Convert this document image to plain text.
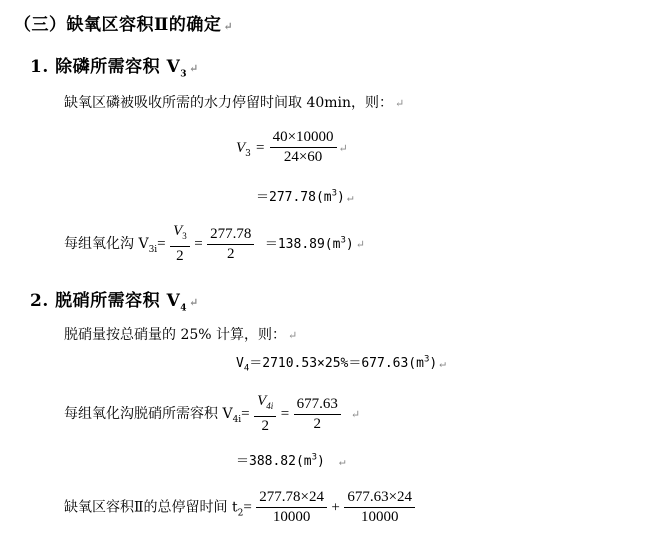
（三）缺氧区容积Ⅱ的确定 ↵
1. 除磷所需容积 $V_3$ ↵
缺氧区磷被吸收所需的水力停留时间取 40min，则： ↵
$V_3 = \frac{40\times 10000}{24\times 60}$ ↵
$=277.78(m^3)$ ↵
每组氧化沟 $V_{3i}= \frac{V_3}{2} = \frac{277.78}{2} =138.89(m^3)$ ↵
2. 脱硝所需容积 $V_4$ ↵
脱硝量按总硝量的 25% 计算，则： ↵
$V_4=2710.53\times 25\%=677.63(m^3)$ ↵
每组氧化沟脱硝所需容积 $V_{4i}= \frac{V_{4i}}{2} = \frac{677.63}{2}$ ↵
$=388.82(m^3)$ ↵
缺氧区容积Ⅱ的总停留时间 $t_2= \frac{277.78\times 24}{10000} + \frac{677.63\times 24}{10000}$
